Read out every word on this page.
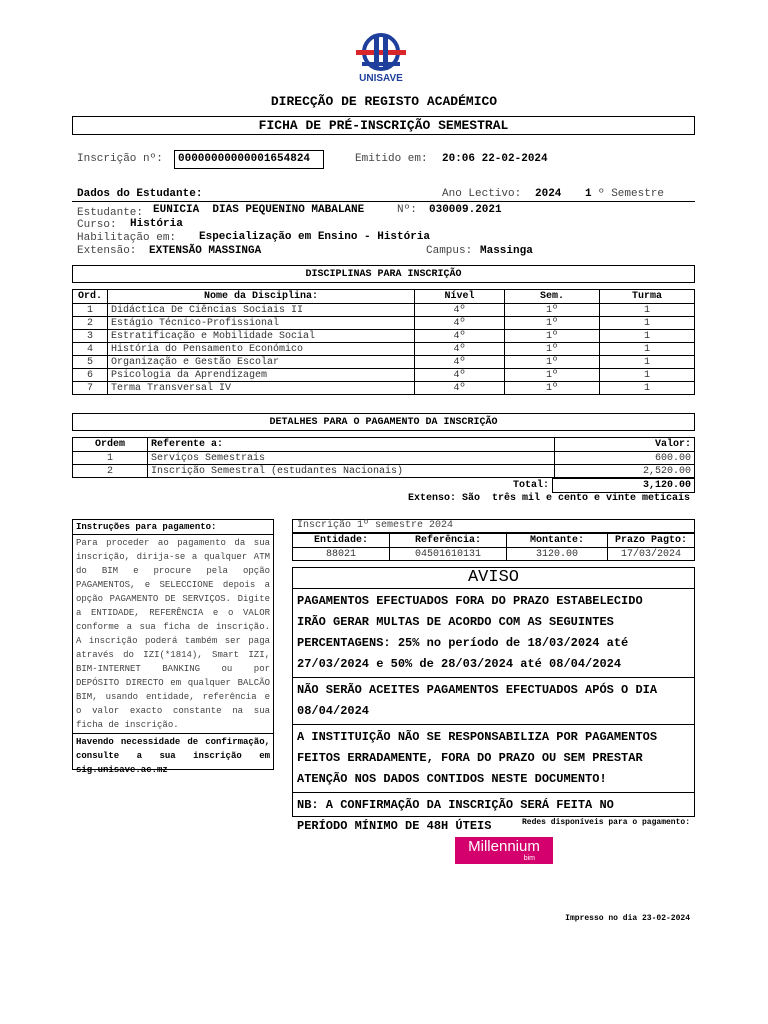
UNISAVE
DIRECÇÃO DE REGISTO ACADÉMICO
FICHA DE PRÉ-INSCRIÇÃO SEMESTRAL
Inscrição nº:	00000000000001654824	Emitido em: 20:06 22-02-2024
Dados do Estudante:	Ano Lectivo: 2024 1 º Semestre
Estudante: EUNICIA  DIAS PEQUENINO MABALANE	Nº: 030009.2021
Curso: História
Habilitação em: Especialização em Ensino - História
Extensão: EXTENSÃO MASSINGA	Campus: Massinga
DISCIPLINAS PARA INSCRIÇÃO
Ord.	Nome da Disciplina:	Nível	Sem.	Turma
1	Didáctica De Ciências Sociais II	4º	1º	1
2	Estágio Técnico-Profissional	4º	1º	1
3	Estratificação e Mobilidade Social	4º	1º	1
4	História do Pensamento Económico	4º	1º	1
5	Organização e Gestão Escolar	4º	1º	1
6	Psicologia da Aprendizagem	4º	1º	1
7	Terma Transversal IV	4º	1º	1
DETALHES PARA O PAGAMENTO DA INSCRIÇÃO
Ordem	Referente a:	Valor:
1	Serviços Semestrais	600.00
2	Inscrição Semestral (estudantes Nacionais)	2,520.00
Total:	3,120.00
Extenso: São  três mil e cento e vinte meticais
Instruções para pagamento:
Para proceder ao pagamento da sua
inscrição, dirija-se a qualquer ATM
do BIM e procure pela opção
PAGAMENTOS, e SELECCIONE depois a
opção PAGAMENTO DE SERVIÇOS. Digite
a ENTIDADE, REFERÊNCIA e o VALOR
conforme a sua ficha de inscrição.
A inscrição poderá também ser paga
através do IZI(*1814), Smart IZI,
BIM-INTERNET BANKING ou por
DEPÓSITO DIRECTO em qualquer BALCÃO
BIM, usando entidade, referência e
o valor exacto constante na sua
ficha de inscrição.
Havendo necessidade de confirmação,
consulte a sua inscrição em
sig.unisave.ac.mz
Inscrição 1º semestre 2024
Entidade:	Referência:	Montante:	Prazo Pagto:
88021	04501610131	3120.00	17/03/2024
AVISO
PAGAMENTOS EFECTUADOS FORA DO PRAZO ESTABELECIDO
IRÃO GERAR MULTAS DE ACORDO COM AS SEGUINTES
PERCENTAGENS: 25% no período de 18/03/2024 até
27/03/2024 e 50% de 28/03/2024 até 08/04/2024
NÃO SERÃO ACEITES PAGAMENTOS EFECTUADOS APÓS O DIA
08/04/2024
A INSTITUIÇÃO NÃO SE RESPONSABILIZA POR PAGAMENTOS
FEITOS ERRADAMENTE, FORA DO PRAZO OU SEM PRESTAR
ATENÇÃO NOS DADOS CONTIDOS NESTE DOCUMENTO!
NB: A CONFIRMAÇÃO DA INSCRIÇÃO SERÁ FEITA NO
PERÍODO MÍNIMO DE 48H ÚTEIS	Redes disponíveis para o pagamento:
Millennium
bim
Impresso no dia 23-02-2024
